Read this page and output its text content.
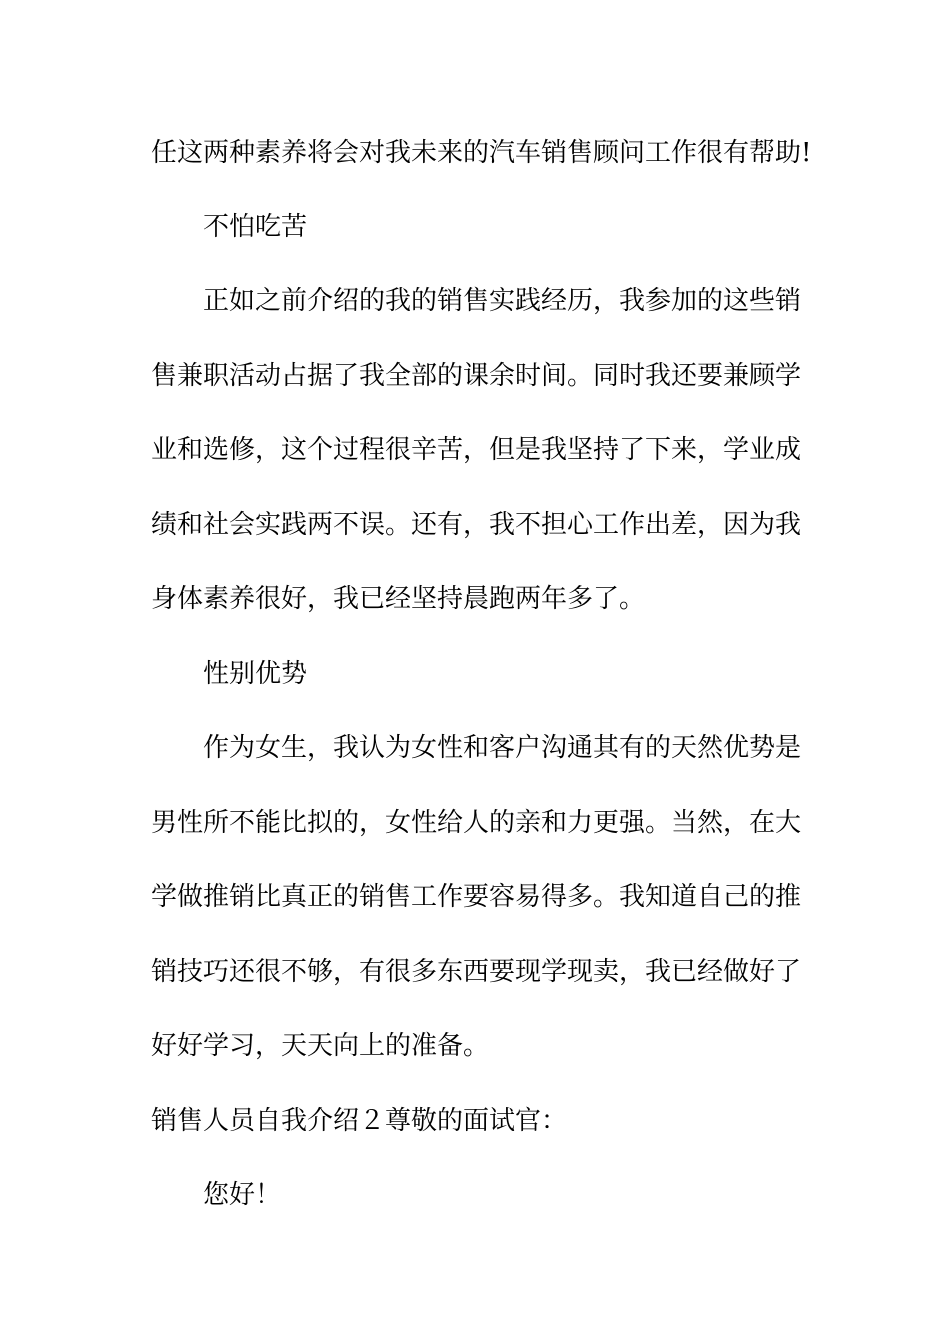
任这两种素养将会对我未来的汽车销售顾问工作很有帮助!
不怕吃苦
正如之前介绍的我的销售实践经历，我参加的这些销
售兼职活动占据了我全部的课余时间。同时我还要兼顾学
业和选修，这个过程很辛苦，但是我坚持了下来，学业成
绩和社会实践两不误。还有，我不担心工作出差，因为我
身体素养很好，我已经坚持晨跑两年多了。
性别优势
作为女生，我认为女性和客户沟通其有的天然优势是
男性所不能比拟的，女性给人的亲和力更强。当然，在大
学做推销比真正的销售工作要容易得多。我知道自己的推
销技巧还很不够，有很多东西要现学现卖，我已经做好了
好好学习，天天向上的准备。
销售人员自我介绍２尊敬的面试官：
您好！
